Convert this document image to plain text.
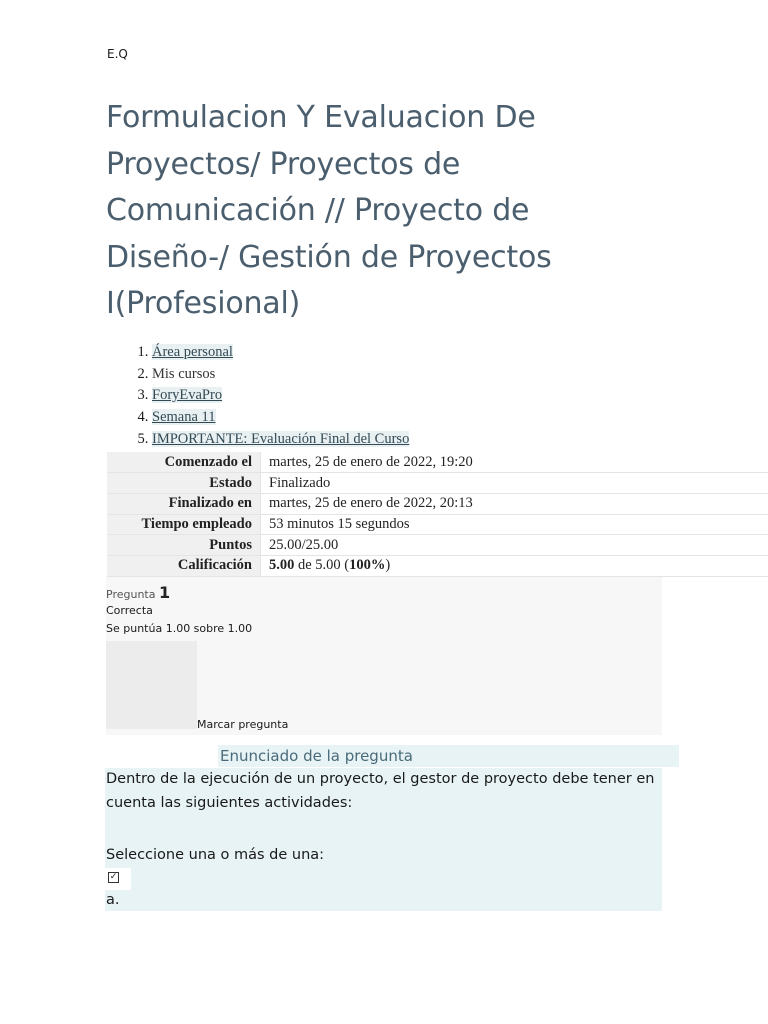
E.Q
Formulacion Y Evaluacion De Proyectos/ Proyectos de Comunicación // Proyecto de Diseño-/ Gestión de Proyectos I(Profesional)
1. Área personal
2. Mis cursos
3. ForyEvaPro
4. Semana 11
5. IMPORTANTE: Evaluación Final del Curso
Comenzado el	martes, 25 de enero de 2022, 19:20
Estado	Finalizado
Finalizado en	martes, 25 de enero de 2022, 20:13
Tiempo empleado	53 minutos 15 segundos
Puntos	25.00/25.00
Calificación	5.00 de 5.00 (100%)
Pregunta 1
Correcta
Se puntúa 1.00 sobre 1.00
Marcar pregunta
Enunciado de la pregunta
Dentro de la ejecución de un proyecto, el gestor de proyecto debe tener en cuenta las siguientes actividades:
Seleccione una o más de una:
✓
a.
